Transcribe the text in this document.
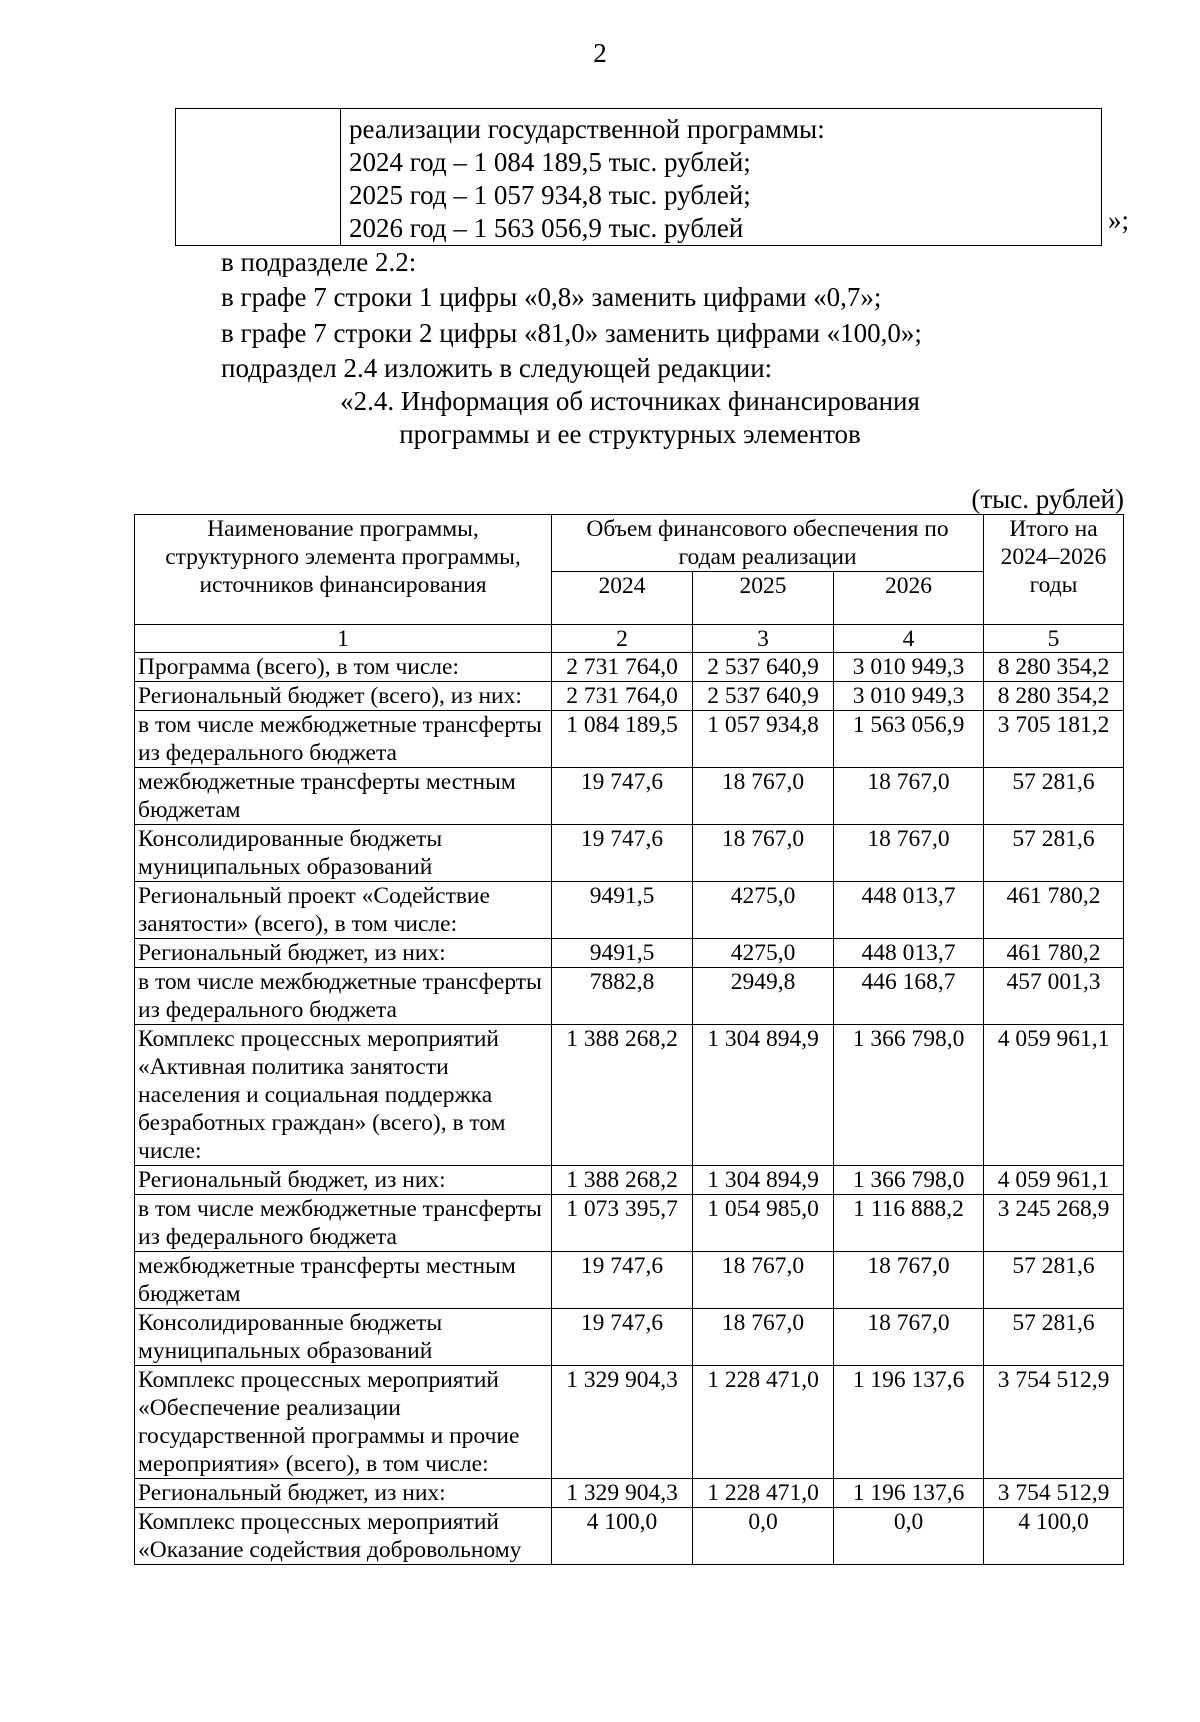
2

реализации государственной программы:
2024 год – 1 084 189,5 тыс. рублей;
2025 год – 1 057 934,8 тыс. рублей;
2026 год – 1 563 056,9 тыс. рублей	»;
в подразделе 2.2:
в графе 7 строки 1 цифры «0,8» заменить цифрами «0,7»;
в графе 7 строки 2 цифры «81,0» заменить цифрами «100,0»;
подраздел 2.4 изложить в следующей редакции:
«2.4. Информация об источниках финансирования
программы и ее структурных элементов
(тыс. рублей)
Наименование программы, структурного элемента программы, источников финансирования	Объем финансового обеспечения по годам реализации			Итого на 2024–2026 годы
	2024	2025	2026	
1	2	3	4	5
Программа (всего), в том числе:	2 731 764,0	2 537 640,9	3 010 949,3	8 280 354,2
Региональный бюджет (всего), из них:	2 731 764,0	2 537 640,9	3 010 949,3	8 280 354,2
в том числе межбюджетные трансферты из федерального бюджета	1 084 189,5	1 057 934,8	1 563 056,9	3 705 181,2
межбюджетные трансферты местным бюджетам	19 747,6	18 767,0	18 767,0	57 281,6
Консолидированные бюджеты муниципальных образований	19 747,6	18 767,0	18 767,0	57 281,6
Региональный проект «Содействие занятости» (всего), в том числе:	9491,5	4275,0	448 013,7	461 780,2
Региональный бюджет, из них:	9491,5	4275,0	448 013,7	461 780,2
в том числе межбюджетные трансферты из федерального бюджета	7882,8	2949,8	446 168,7	457 001,3
Комплекс процессных мероприятий «Активная политика занятости населения и социальная поддержка безработных граждан» (всего), в том числе:	1 388 268,2	1 304 894,9	1 366 798,0	4 059 961,1
Региональный бюджет, из них:	1 388 268,2	1 304 894,9	1 366 798,0	4 059 961,1
в том числе межбюджетные трансферты из федерального бюджета	1 073 395,7	1 054 985,0	1 116 888,2	3 245 268,9
межбюджетные трансферты местным бюджетам	19 747,6	18 767,0	18 767,0	57 281,6
Консолидированные бюджеты муниципальных образований	19 747,6	18 767,0	18 767,0	57 281,6
Комплекс процессных мероприятий «Обеспечение реализации государственной программы и прочие мероприятия» (всего), в том числе:	1 329 904,3	1 228 471,0	1 196 137,6	3 754 512,9
Региональный бюджет, из них:	1 329 904,3	1 228 471,0	1 196 137,6	3 754 512,9
Комплекс процессных мероприятий «Оказание содействия добровольному	4 100,0	0,0	0,0	4 100,0
